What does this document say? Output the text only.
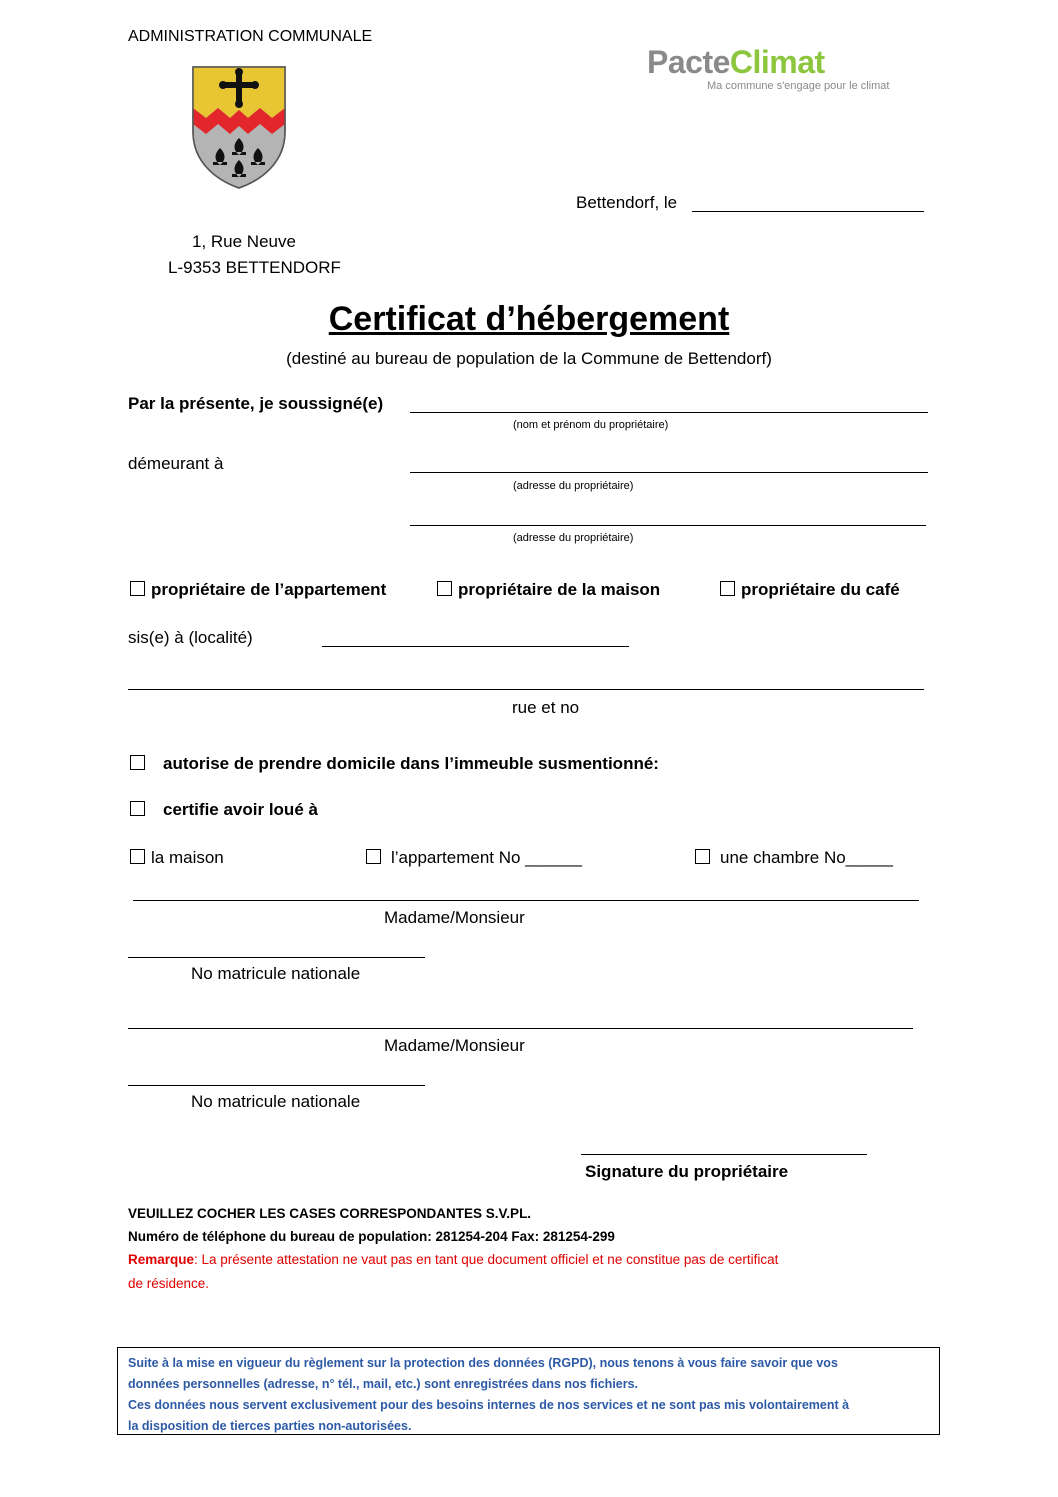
ADMINISTRATION COMMUNALE
PacteClimat
Ma commune s'engage pour le climat
Bettendorf, le
1, Rue Neuve
L-9353 BETTENDORF
Certificat d’hébergement
(destiné au bureau de population de la Commune de Bettendorf)
Par la présente, je soussigné(e)
(nom et prénom du propriétaire)
démeurant à
(adresse du propriétaire)
(adresse du propriétaire)
propriétaire de l’appartement	propriétaire de la maison	propriétaire du café
sis(e) à (localité)
rue et no
autorise de prendre domicile dans l’immeuble susmentionné:
certifie avoir loué à
la maison	l’appartement No ______	une chambre No_____
Madame/Monsieur
No matricule nationale
Madame/Monsieur
No matricule nationale
Signature du propriétaire
VEUILLEZ COCHER LES CASES CORRESPONDANTES S.V.PL.
Numéro de téléphone du bureau de population: 281254-204 Fax: 281254-299
Remarque: La présente attestation ne vaut pas en tant que document officiel et ne constitue pas de certificat
de résidence.

Suite à la mise en vigueur du règlement sur la protection des données (RGPD), nous tenons à vous faire savoir que vos

données personnelles (adresse, n° tél., mail, etc.) sont enregistrées dans nos fichiers.

Ces données nous servent exclusivement pour des besoins internes de nos services et ne sont pas mis volontairement à

la disposition de tierces parties non-autorisées.
